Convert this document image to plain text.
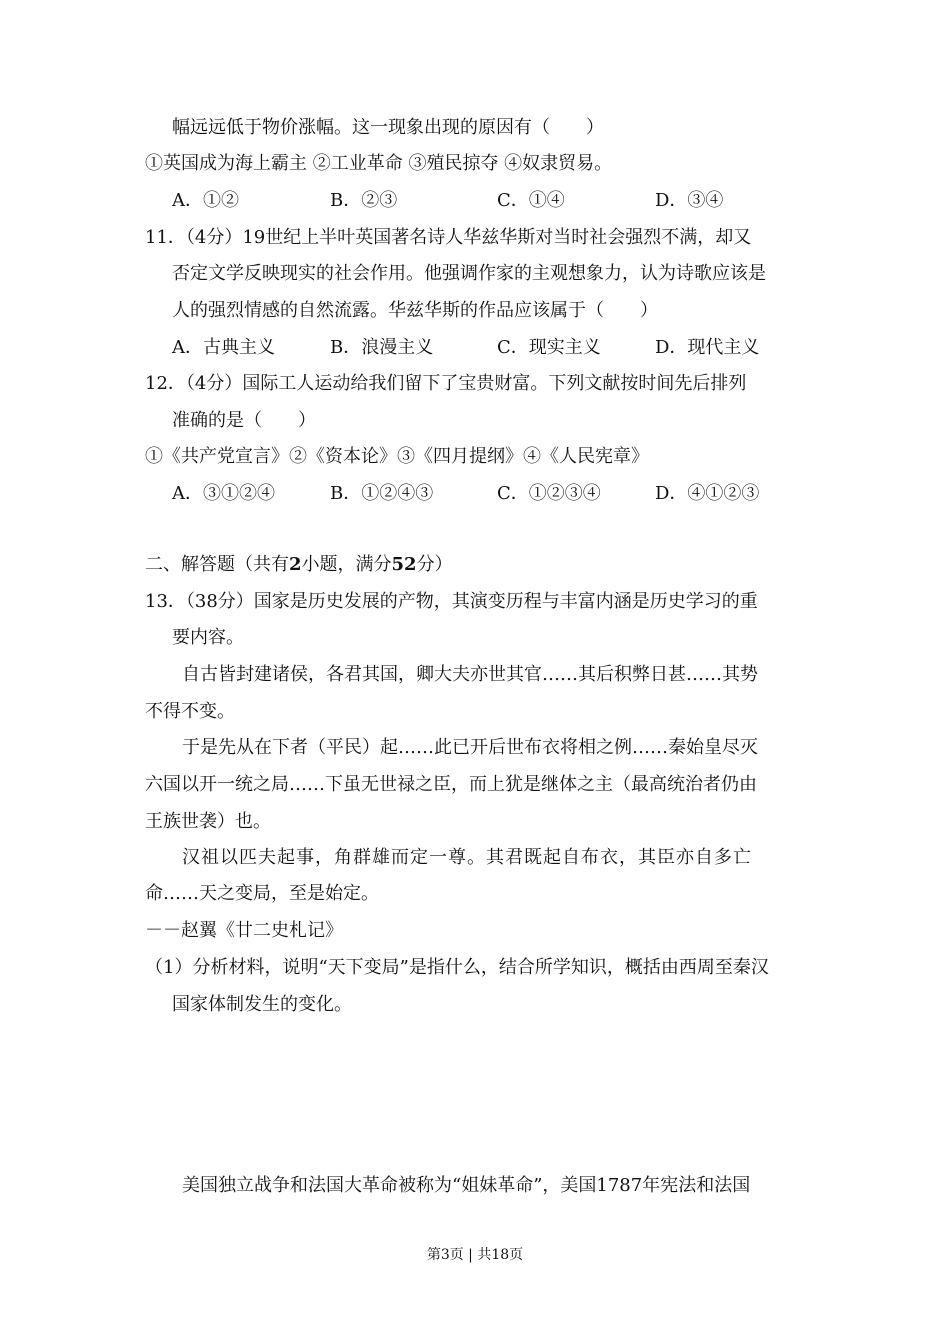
幅远远低于物价涨幅。这一现象出现的原因有（　　）
①英国成为海上霸主 ②工业革命 ③殖民掠夺 ④奴隶贸易。
A．①②	B．②③	C．①④	D．③④
11．（4分）19世纪上半叶英国著名诗人华兹华斯对当时社会强烈不满，却又
否定文学反映现实的社会作用。他强调作家的主观想象力，认为诗歌应该是
人的强烈情感的自然流露。华兹华斯的作品应该属于（　　）
A．古典主义	B．浪漫主义	C．现实主义	D．现代主义
12．（4分）国际工人运动给我们留下了宝贵财富。下列文献按时间先后排列
准确的是（　　）
①《共产党宣言》②《资本论》③《四月提纲》④《人民宪章》
A．③①②④	B．①②④③	C．①②③④	D．④①②③
二、解答题（共有2小题，满分52分）
13．（38分）国家是历史发展的产物，其演变历程与丰富内涵是历史学习的重
要内容。
自古皆封建诸侯，各君其国，卿大夫亦世其官……其后积弊日甚……其势
不得不变。
于是先从在下者（平民）起……此已开后世布衣将相之例……秦始皇尽灭
六国以开一统之局……下虽无世禄之臣，而上犹是继体之主（最高统治者仍由
王族世袭）也。
汉祖以匹夫起事，角群雄而定一尊。其君既起自布衣，其臣亦自多亡
命……天之变局，至是始定。
－－赵翼《廿二史札记》
（1）分析材料，说明“天下变局”是指什么，结合所学知识，概括由西周至秦汉
国家体制发生的变化。
美国独立战争和法国大革命被称为“姐妹革命”，美国1787年宪法和法国
第3页 | 共18页
